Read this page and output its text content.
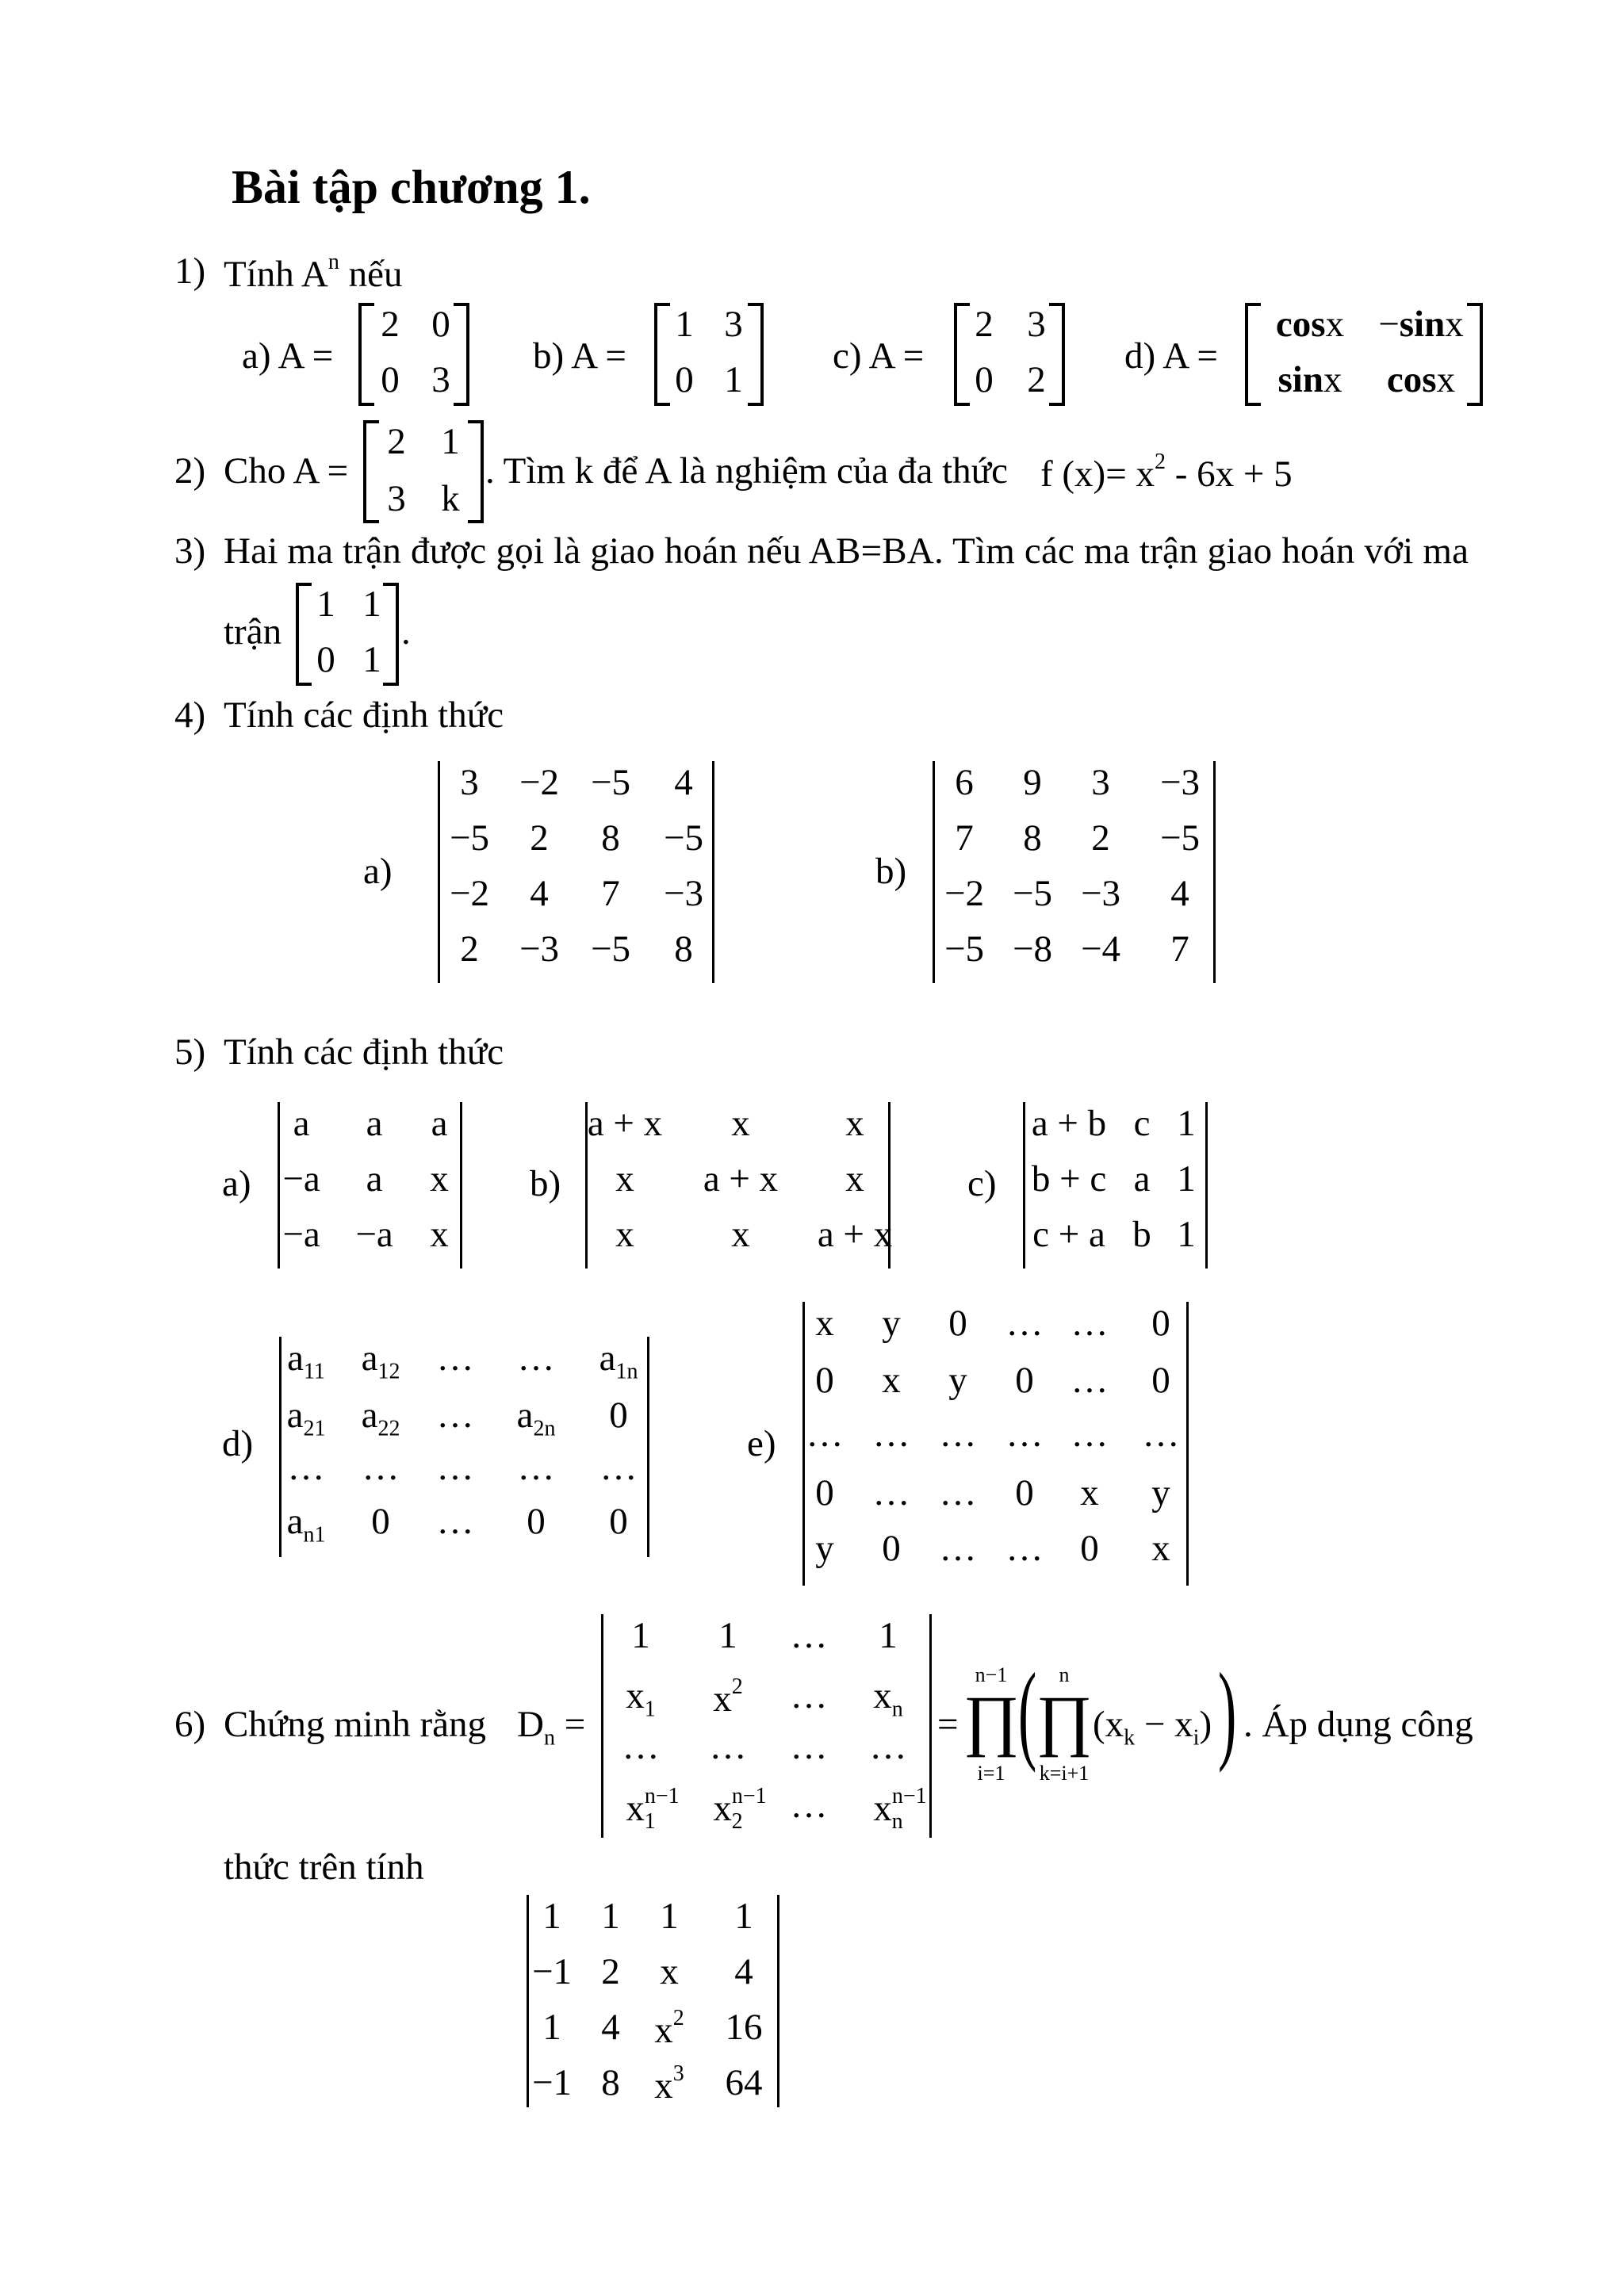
Bài tập chương 1.
1) Tính $A^n$ nếu
a) A =
2 0
0 3
b) A =
1 3
0 1
c) A =
2 3
0 2
d) A =
cosx −sinx
sinx cosx
2) Cho A =
2 1
3 k
. Tìm k để A là nghiệm của đa thức f $(x)= x^2 - 6x + 5$
3) Hai ma trận được gọi là giao hoán nếu AB=BA. Tìm các ma trận giao hoán với ma
trận
1 1
0 1
.
4) Tính các định thức
a)
3 −2 −5 4
−5 2 8 −5
−2 4 7 −3
2 −3 −5 8
b)
6 9 3 −3
7 8 2 −5
−2 −5 −3 4
−5 −8 −4 7
5) Tính các định thức
a)
a a a
−a a x
−a −a x
b)
a + x x	x
x a + x x
x	x a + x
c)
a + b c 1
b + c a 1
c + a b 1
d)
$a_{11}$ $a_{12}$ … … $a_{1n}$
$a_{21}$ $a_{22}$ … $a_{2n}$ 0
… … … … …
$a_{n1}$ 0 … 0 0
e)
x y 0 … … 0
0 x y 0 … 0
… … … … … …
0 … … 0 x y
y 0 … … 0 x
6) Chứng minh rằng $D_n$ =
1 1 … 1
$x_1$ $x^2$ … $x_n$
… … … …
$x^{n-1}_1$ $x^{n-1}_2$ … $x^{n-1}_n$
=
n−1
∏
i=1 ( n
∏
k=i+1
$(x_k - x_i)$ ) . Áp dụng công
thức trên tính
1 1 1 1
−1 2 x 4
1 4 $x^2$ 16
−1 8 $x^3$ 64
